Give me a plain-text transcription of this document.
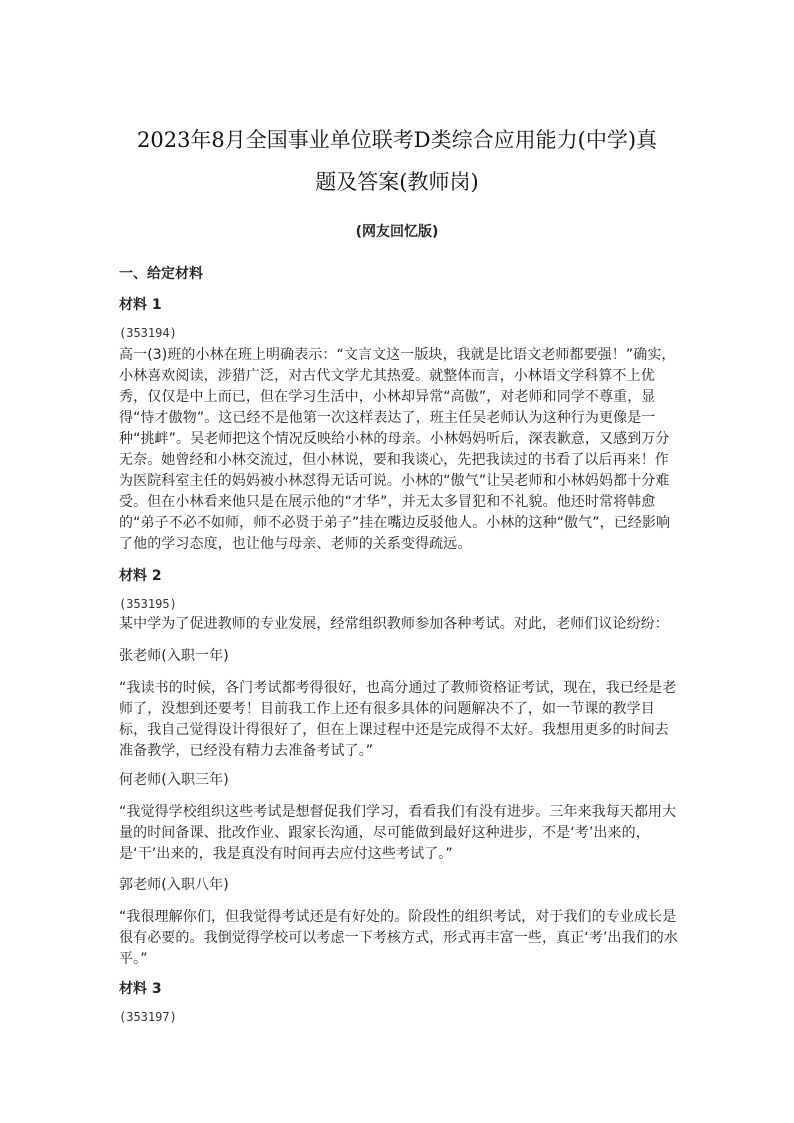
2023年8月全国事业单位联考D类综合应用能力(中学)真
题及答案(教师岗)
(网友回忆版)
一、给定材料
材料 1
(353194)
高一(3)班的小林在班上明确表示：“文言文这一版块，我就是比语文老师都要强！”确实，小林喜欢阅读，涉猎广泛，对古代文学尤其热爱。就整体而言，小林语文学科算不上优秀，仅仅是中上而已，但在学习生活中，小林却异常“高傲”，对老师和同学不尊重，显得“恃才傲物”。这已经不是他第一次这样表达了，班主任吴老师认为这种行为更像是一种“挑衅”。吴老师把这个情况反映给小林的母亲。小林妈妈听后，深表歉意，又感到万分无奈。她曾经和小林交流过，但小林说，要和我谈心，先把我读过的书看了以后再来！作为医院科室主任的妈妈被小林怼得无话可说。小林的“傲气”让吴老师和小林妈妈都十分难受。但在小林看来他只是在展示他的“才华”，并无太多冒犯和不礼貌。他还时常将韩愈的“弟子不必不如师，师不必贤于弟子”挂在嘴边反驳他人。小林的这种“傲气”，已经影响了他的学习态度，也让他与母亲、老师的关系变得疏远。
材料 2
(353195)
某中学为了促进教师的专业发展，经常组织教师参加各种考试。对此，老师们议论纷纷：
张老师(入职一年)
“我读书的时候，各门考试都考得很好，也高分通过了教师资格证考试，现在，我已经是老师了，没想到还要考！目前我工作上还有很多具体的问题解决不了，如一节课的教学目标，我自己觉得设计得很好了，但在上课过程中还是完成得不太好。我想用更多的时间去准备教学，已经没有精力去准备考试了。”
何老师(入职三年)
“我觉得学校组织这些考试是想督促我们学习，看看我们有没有进步。三年来我每天都用大量的时间备课、批改作业、跟家长沟通，尽可能做到最好这种进步，不是‘考’出来的，是‘干’出来的，我是真没有时间再去应付这些考试了。”
郭老师(入职八年)
“我很理解你们，但我觉得考试还是有好处的。阶段性的组织考试，对于我们的专业成长是很有必要的。我倒觉得学校可以考虑一下考核方式，形式再丰富一些，真正‘考’出我们的水平。”
材料 3
(353197)
